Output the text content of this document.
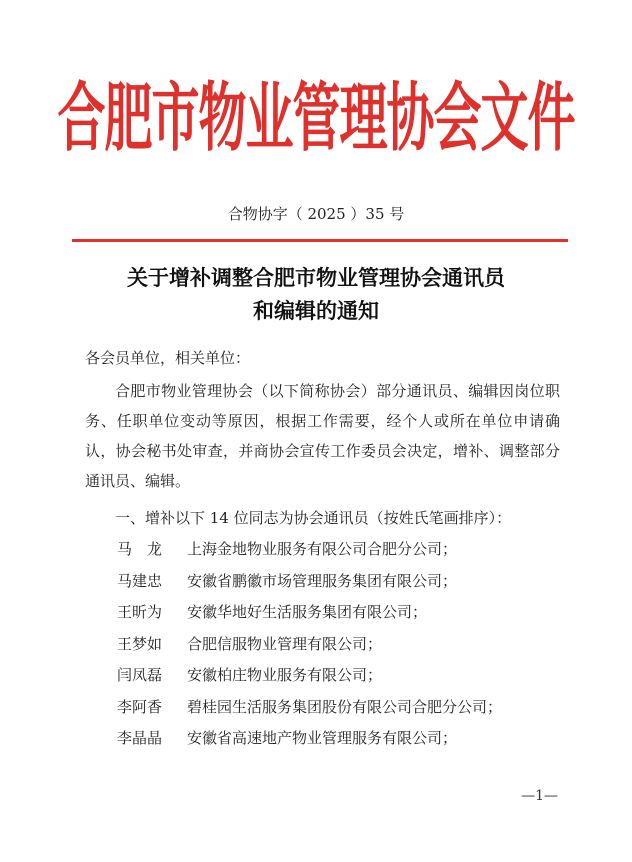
合肥市物业管理协会文件
合物协字（ 2025 ）35 号
关于增补调整合肥市物业管理协会通讯员
和编辑的通知
各会员单位，相关单位：
合肥市物业管理协会（以下简称协会）部分通讯员、编辑因岗位职务、任职单位变动等原因，根据工作需要，经个人或所在单位申请确认，协会秘书处审查，并商协会宣传工作委员会决定，增补、调整部分通讯员、编辑。
一、增补以下 14 位同志为协会通讯员（按姓氏笔画排序）：
马　龙	上海金地物业服务有限公司合肥分公司；
马建忠	安徽省鹏徽市场管理服务集团有限公司；
王昕为	安徽华地好生活服务集团有限公司；
王梦如	合肥信服物业管理有限公司；
闫凤磊	安徽柏庄物业服务有限公司；
李阿香	碧桂园生活服务集团股份有限公司合肥分公司；
李晶晶	安徽省高速地产物业管理服务有限公司；
—1—
